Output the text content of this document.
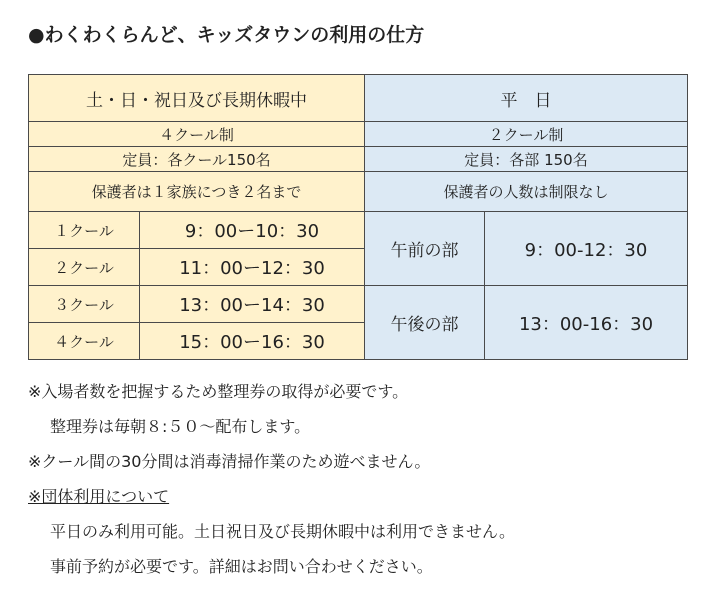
●わくわくらんど、キッズタウンの利用の仕方
土・日・祝日及び長期休暇中		平　日	
４クール制		２クール制	
定員：各クール150名		定員：各部 150名	
保護者は１家族につき２名まで		保護者の人数は制限なし	
１クール	9：00ー10：30	午前の部	9：00-12：30
２クール	11：00ー12：30		
３クール	13：00ー14：30	午後の部	13：00-16：30
４クール	15：00ー16：30		
※入場者数を把握するため整理券の取得が必要です。
整理券は毎朝８:５０～配布します。
※クール間の30分間は消毒清掃作業のため遊べません。
※団体利用について
平日のみ利用可能。土日祝日及び長期休暇中は利用できません。
事前予約が必要です。詳細はお問い合わせください。
